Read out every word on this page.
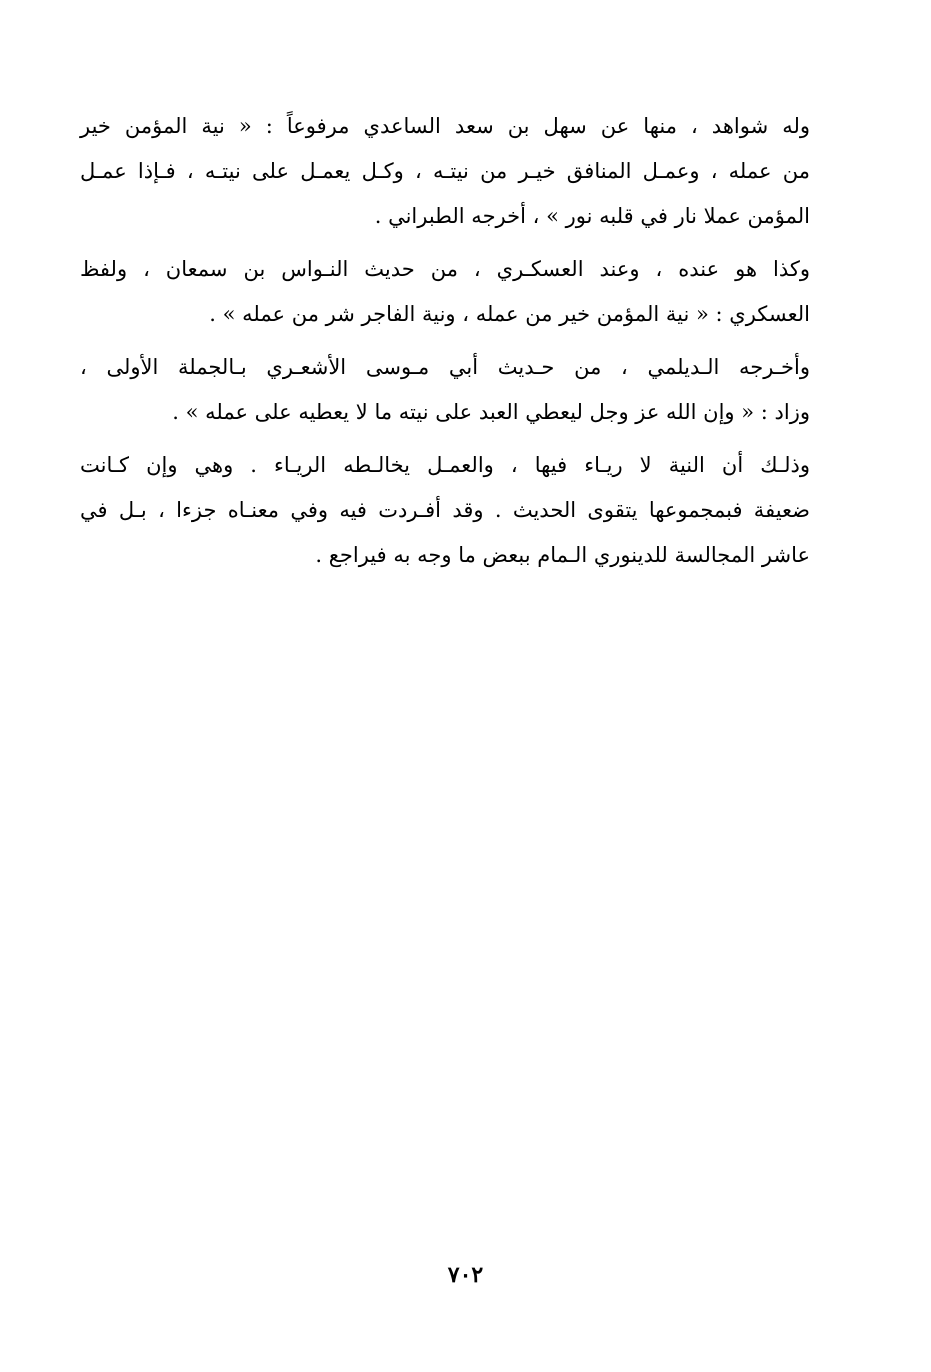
وله شواهد ، منها عن سهل بن سعد الساعدي مرفوعاً : « نية المؤمن خير
من عمله ، وعمـل المنافق خيـر من نيتـه ، وكـل يعمـل على نيتـه ، فـإذا عمـل
المؤمن عملا نار في قلبه نور » ، أخرجه الطبراني .
وكذا هو عنده ، وعند العسكـري ، من حديث النـواس بن سمعان ، ولفظ
العسكري : « نية المؤمن خير من عمله ، ونية الفاجر شر من عمله » .
وأخـرجه الـديلمي ، من حـديث أبي مـوسى الأشعـري بـالجملة الأولى ،
وزاد : « وإن الله عز وجل ليعطي العبد على نيته ما لا يعطيه على عمله » .
وذلـك أن النية لا ريـاء فيها ، والعمـل يخالـطه الريـاء . وهي وإن كـانت
ضعيفة فبمجموعها يتقوى الحديث . وقد أفـردت فيه وفي معنـاه جزءا ، بـل في
عاشر المجالسة للدينوري الـمام ببعض ما وجه به فيراجع .
٧٠٢
